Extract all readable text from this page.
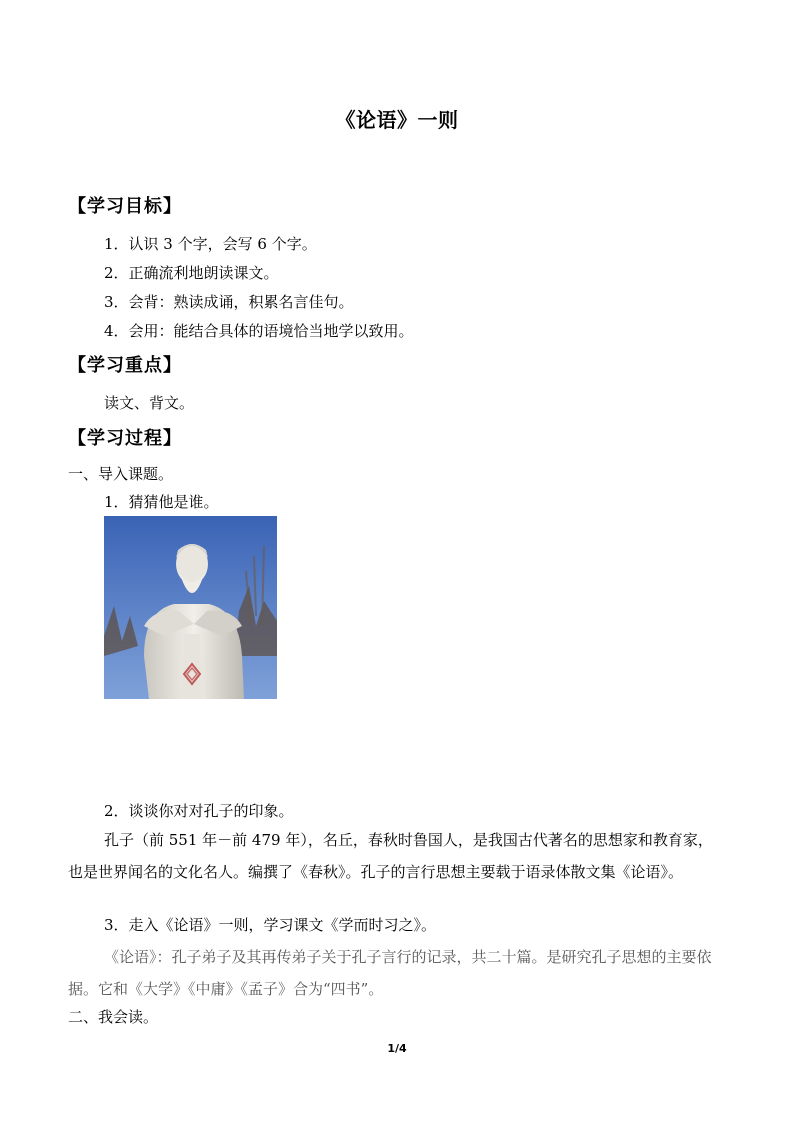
《论语》一则
【学习目标】
1．认识 3 个字，会写 6 个字。
2．正确流利地朗读课文。
3．会背：熟读成诵，积累名言佳句。
4．会用：能结合具体的语境恰当地学以致用。
【学习重点】
读文、背文。
【学习过程】
一、导入课题。
1．猜猜他是谁。
2．谈谈你对对孔子的印象。
孔子（前 551 年－前 479 年），名丘，春秋时鲁国人，是我国古代著名的思想家和教育家，也是世界闻名的文化名人。编撰了《春秋》。孔子的言行思想主要载于语录体散文集《论语》。
3．走入《论语》一则，学习课文《学而时习之》。
《论语》：孔子弟子及其再传弟子关于孔子言行的记录，共二十篇。是研究孔子思想的主要依据。它和《大学》《中庸》《孟子》合为“四书”。
二、我会读。
1/4
